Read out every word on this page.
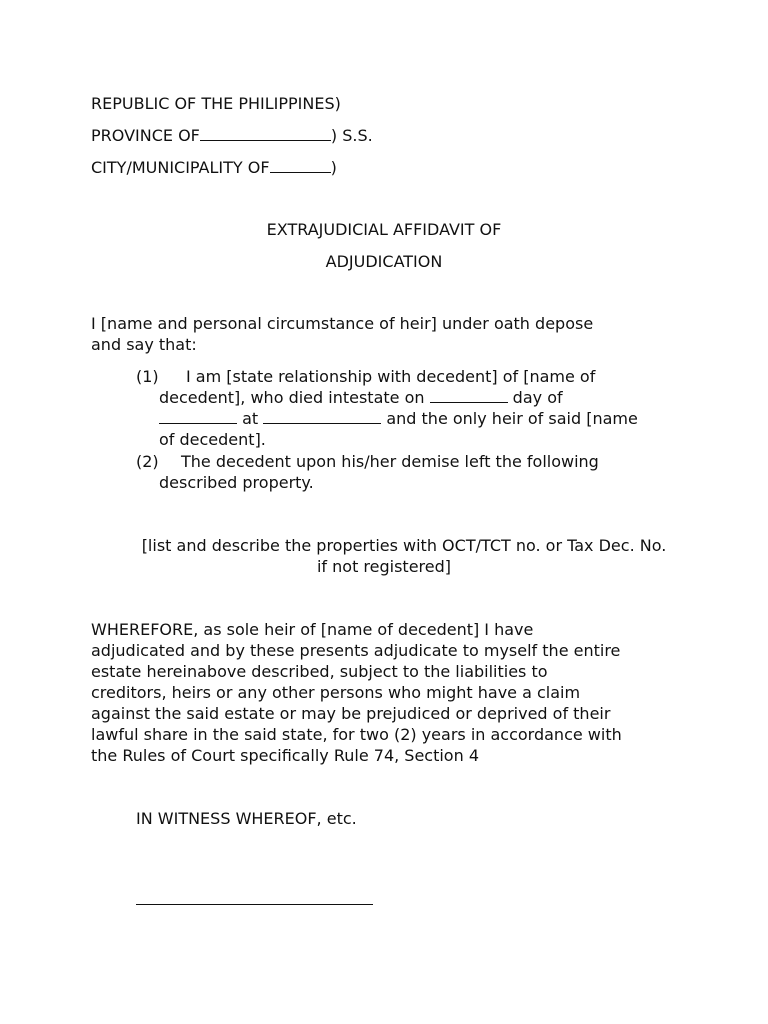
REPUBLIC OF THE PHILIPPINES)
PROVINCE OF	) S.S.
CITY/MUNICIPALITY OF	)
EXTRAJUDICIAL AFFIDAVIT OF
ADJUDICATION
I [name and personal circumstance of heir] under oath depose
and say that:
(1) I am [state relationship with decedent] of [name of
decedent], who died intestate on	day of
at	and the only heir of said [name
of decedent].
(2) The decedent upon his/her demise left the following
described property.
[list and describe the properties with OCT/TCT no. or Tax Dec. No.
if not registered]
WHEREFORE, as sole heir of [name of decedent] I have
adjudicated and by these presents adjudicate to myself the entire
estate hereinabove described, subject to the liabilities to
creditors, heirs or any other persons who might have a claim
against the said estate or may be prejudiced or deprived of their
lawful share in the said state, for two (2) years in accordance with
the Rules of Court specifically Rule 74, Section 4
IN WITNESS WHEREOF, etc.
